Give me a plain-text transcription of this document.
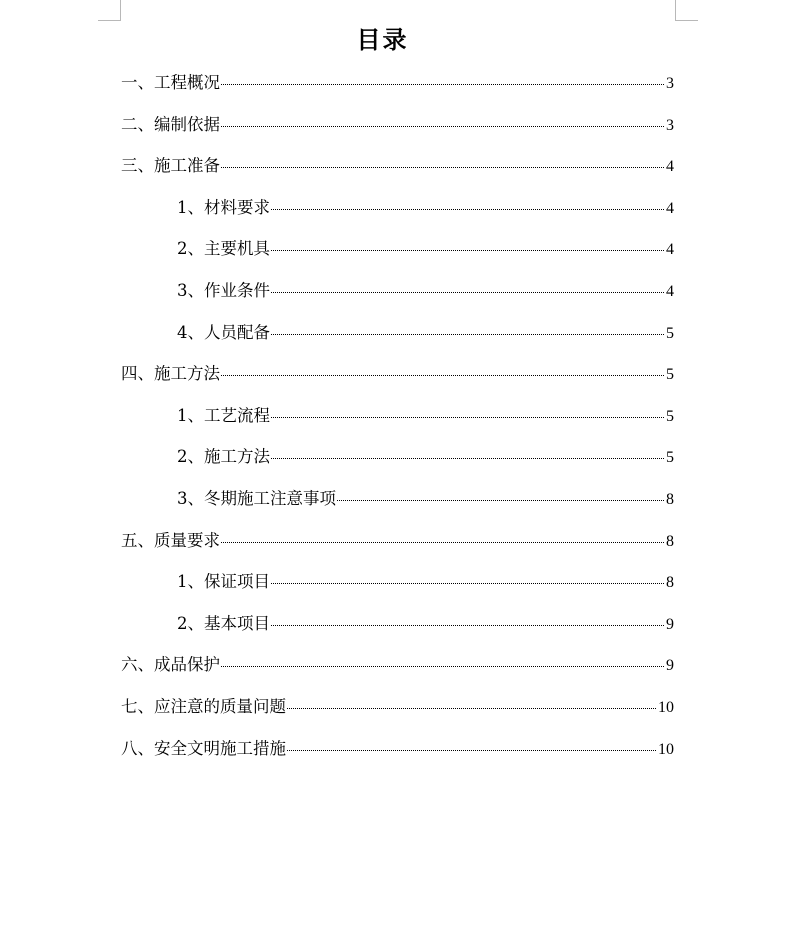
目录
一、工程概况	3
二、编制依据	3
三、施工准备	4
1、材料要求	4
2、主要机具	4
3、作业条件	4
4、人员配备	5
四、施工方法	5
1、工艺流程	5
2、施工方法	5
3、冬期施工注意事项	8
五、质量要求	8
1、保证项目	8
2、基本项目	9
六、成品保护	9
七、应注意的质量问题	10
八、安全文明施工措施	10
